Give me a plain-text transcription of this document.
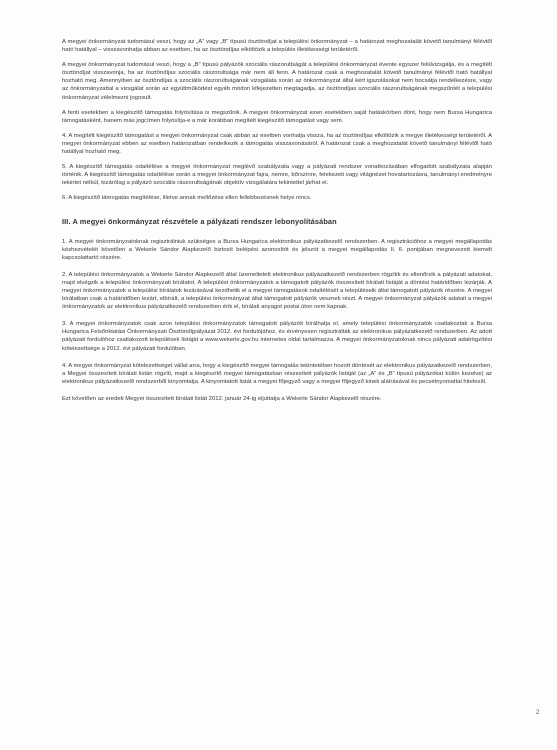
A megyei önkormányzat tudomásul veszi, hogy az „A” vagy „B” típusú ösztöndíjat a települési önkormányzat – a határozat meghozatalát követő tanulmányi félévtől ható hatállyal – visszavonhatja abban az esetben, ha az ösztöndíjas elköltözik a település illetékességi területéről.

A megyei önkormányzat tudomásul veszi, hogy a „B” típusú pályázók szociális rászorultságát a települési önkormányzat évente egyszer felülvizsgálja, és a megítélt ösztöndíjat visszavonja, ha az ösztöndíjas szociális rászorultsága már nem áll fenn. A határozat csak a meghozatalát követő tanulmányi félévtől ható hatállyal hozható meg. Amennyiben az ösztöndíjas a szociális rászorultságának vizsgálata során az önkormányzat által kért igazolásokat nem bocsátja rendelkezésre, vagy az önkormányzattal a vizsgálat során az együttműködést egyéb módon kifejezetten megtagadja, az ösztöndíjas szociális rászorultságának megszűntét a települési önkormányzat vélelmezni jogosult.

A fenti esetekben a kiegészítő támogatás folyósítása is megszűnik. A megyei önkormányzat ezen esetekben saját hatáskörben dönt, hogy nem Bursa Hungarica támogatásként, hanem más jogcímen folyósítja-e a már korábban megítélt kiegészítő támogatást vagy sem.

4. A megítélt kiegészítő támogatást a megyei önkormányzat csak abban az esetben vonhatja vissza, ha az ösztöndíjas elköltözik a megye illetékességi területéről. A megyei önkormányzat ebben az esetben határozatban rendelkezik a támogatás visszavonásáról. A határozat csak a meghozatalát követő tanulmányi félévtől ható hatállyal hozható meg.

5. A kiegészítő támogatás odaítélése a megyei önkormányzat meglévő szabályzata vagy a pályázati rendszer vonatkozásában elfogadott szabályzata alapján történik. A kiegészítő támogatás odaítélése során a megyei önkormányzat fajra, nemre, bőrszínre, felekezeti vagy világnézet hovatartozásra, tanulmányi eredményre tekintet nélkül, kizárólag a pályázó szociális rászorultságának objektív vizsgálatára tekintettel járhat el.

6. A kiegészítő támogatás megítélése, illetve annak mellőzése ellen fellebbezésnek helye nincs.

III. A megyei önkormányzat részvétele a pályázati rendszer lebonyolításában

1. A megyei önkormányzatoknak regisztrálniuk szükséges a Bursa Hungarica elektronikus pályázatkezelő rendszerben. A regisztrációhoz a megyei megállapodás kézhezvételét követően a Wekerle Sándor Alapkezelő biztosít belépési azonosítót és jelszót a megyei megállapodás II. 6. pontjában megnevezett kiemelt kapcsolattartó részére.

2. A települési önkormányzatok a Wekerle Sándor Alapkezelő által üzemeltetett elektronikus pályázatkezelő rendszerben rögzítik és ellenőrzik a pályázati adatokat, majd elvégzik a települési önkormányzati bírálatot. A települési önkormányzatok a támogatott pályázók összesített bírálati listáját a döntési határidőben lezárják. A megyei önkormányzatok a települési bírálatok lezárásával kezdhetik el a megyei támogatások odaítélését a településeik által támogatott pályázók részére. A megyei bírálatban csak a határidőben lezárt, elbírált, a települési önkormányzat által támogatott pályázók vesznek részt. A megyei önkormányzat pályázók adatait a megyei önkormányzatok az elektronikus pályázatkezelő rendszerben érik el, bírálati anyagot postai úton nem kapnak.

3. A megyei önkormányzatok csak azon települési önkormányzatok támogatott pályázóit bírálhatja el, amely települési önkormányzatok csatlakoztak a Bursa Hungarica Felsőoktatási Önkormányzati Ösztöndíjpályázat 2012. évi fordulójához, és érvényesen regisztrálták az elektronikus pályázatkezelő rendszerben. Az adott pályázati fordulóhoz csatlakozott települések listáját a www.wekerle.gov.hu internetes oldal tartalmazza. A megyei önkormányzatoknak nincs pályázati adatrögzítési kötelezettsége a 2012. évi pályázati fordulóban.

4. A megyei önkormányzat kötelezettséget vállal arra, hogy a kiegészítő megyei támogatás tekintetében hozott döntését az elektronikus pályázatkezelő rendszerben, a Megyei összesített bírálati listán rögzíti, majd a kiegészítő megyei támogatásban részesített pályázók listáját (az „A” és „B” típusú pályázókat külön kezelve) az elektronikus pályázatkezelő rendszerből kinyomtatja. A kinyomtatott listát a megyei főjegyző vagy a megyei főjegyző kinek aláírásával és pecsétnyomattal hitelesíti.

Ezt követően az eredeti Megyei összesített bírálati listát 2012. január 24-ig eljuttatja a Wekerle Sándor Alapkezelő részére.

2
